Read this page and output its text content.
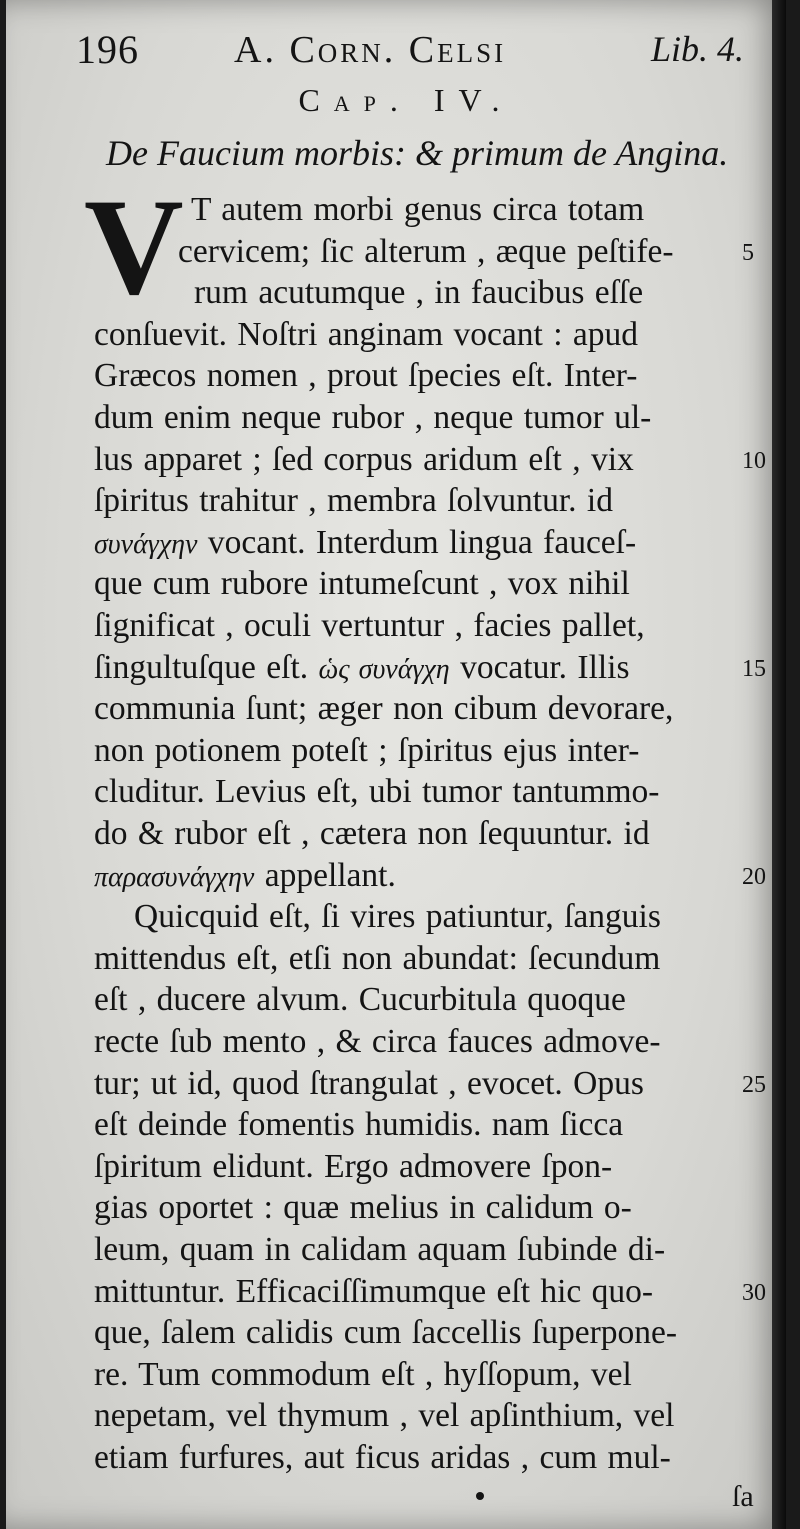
196	A. Corn. Celsi	Lib. 4.
Cap. IV.
De Faucium morbis: & primum de Angina.
V T autem morbi genus circa totam
cervicem; ſic alterum , æque peſtife-
rum acutumque , in faucibus eſſe
conſuevit. Noſtri anginam vocant : apud
Græcos nomen , prout ſpecies eſt. Inter-
dum enim neque rubor , neque tumor ul-
lus apparet ; ſed corpus aridum eſt , vix
ſpiritus trahitur , membra ſolvuntur. id
συνάγχην vocant. Interdum lingua fauceſ-
que cum rubore intumeſcunt , vox nihil
ſignificat , oculi vertuntur , facies pallet,
ſingultuſque eſt. ὡς συνάγχη vocatur. Illis
communia ſunt; æger non cibum devorare,
non potionem poteſt ; ſpiritus ejus inter-
cluditur. Levius eſt, ubi tumor tantummo-
do & rubor eſt , cætera non ſequuntur. id
παρασυνάγχην appellant.
Quicquid eſt, ſi vires patiuntur, ſanguis
mittendus eſt, etſi non abundat: ſecundum
eſt , ducere alvum. Cucurbitula quoque
recte ſub mento , & circa fauces admove-
tur; ut id, quod ſtrangulat , evocet. Opus
eſt deinde fomentis humidis. nam ſicca
ſpiritum elidunt. Ergo admovere ſpon-
gias oportet : quæ melius in calidum o-
leum, quam in calidam aquam ſubinde di-
mittuntur. Efficaciſſimumque eſt hic quo-
que, ſalem calidis cum ſaccellis ſuperpone-
re. Tum commodum eſt , hyſſopum, vel
nepetam, vel thymum , vel apſinthium, vel
etiam furfures, aut ficus aridas , cum mul-
5
10
15
20
25
30
ſa
